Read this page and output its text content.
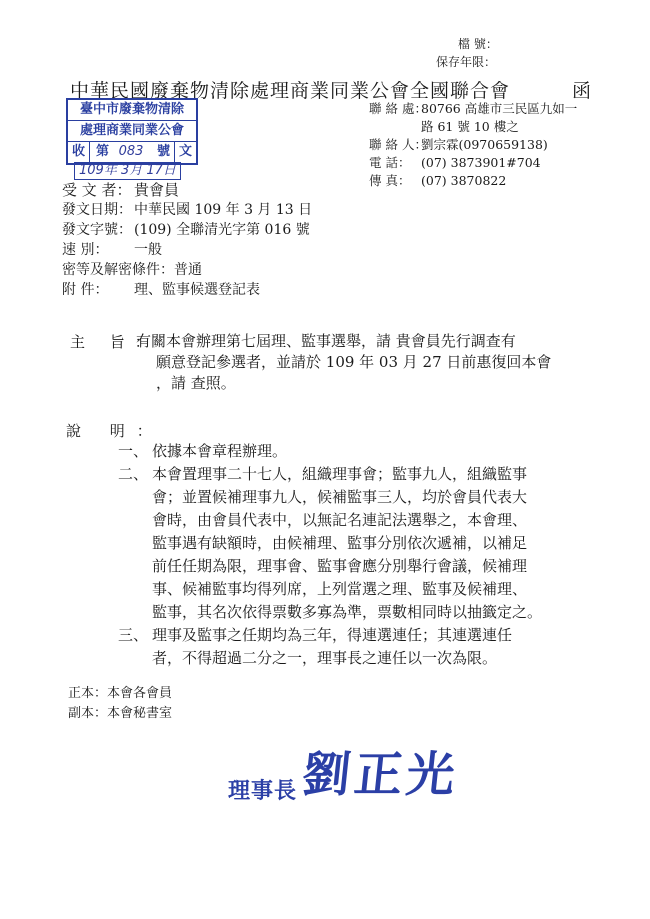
檔 號：
保存年限：
中華民國廢棄物清除處理商業同業公會全國聯合會	函
臺中市廢棄物清除
處理商業同業公會
收 第 083	號 文
109年 3月 17日
聯 絡 處：80766 高雄市三民區九如一
路 61 號 10 樓之
聯 絡 人：劉宗霖(0970659138)
電 話： (07) 3873901#704
傳 真： (07) 3870822
受 文 者： 貴會員
發文日期： 中華民國 109 年 3 月 13 日
發文字號： (109) 全聯清光字第 016 號
速 別： 一般
密等及解密條件：普通
附 件： 理、監事候選登記表
主 旨：
有關本會辦理第七屆理、監事選舉，請 貴會員先行調查有
願意登記參選者，並請於 109 年 03 月 27 日前惠復回本會
，請 查照。
說 明：
一、 依據本會章程辦理。
二、 本會置理事二十七人，組織理事會；監事九人，組織監事
會；並置候補理事九人，候補監事三人，均於會員代表大
會時，由會員代表中，以無記名連記法選舉之，本會理、
監事遇有缺額時，由候補理、監事分別依次遞補，以補足
前任任期為限，理事會、監事會應分別舉行會議，候補理
事、候補監事均得列席，上列當選之理、監事及候補理、
監事，其名次依得票數多寡為準，票數相同時以抽籤定之。
三、 理事及監事之任期均為三年，得連選連任；其連選連任
者，不得超過二分之一，理事長之連任以一次為限。
正本：本會各會員
副本：本會秘書室
理事長 劉正光
